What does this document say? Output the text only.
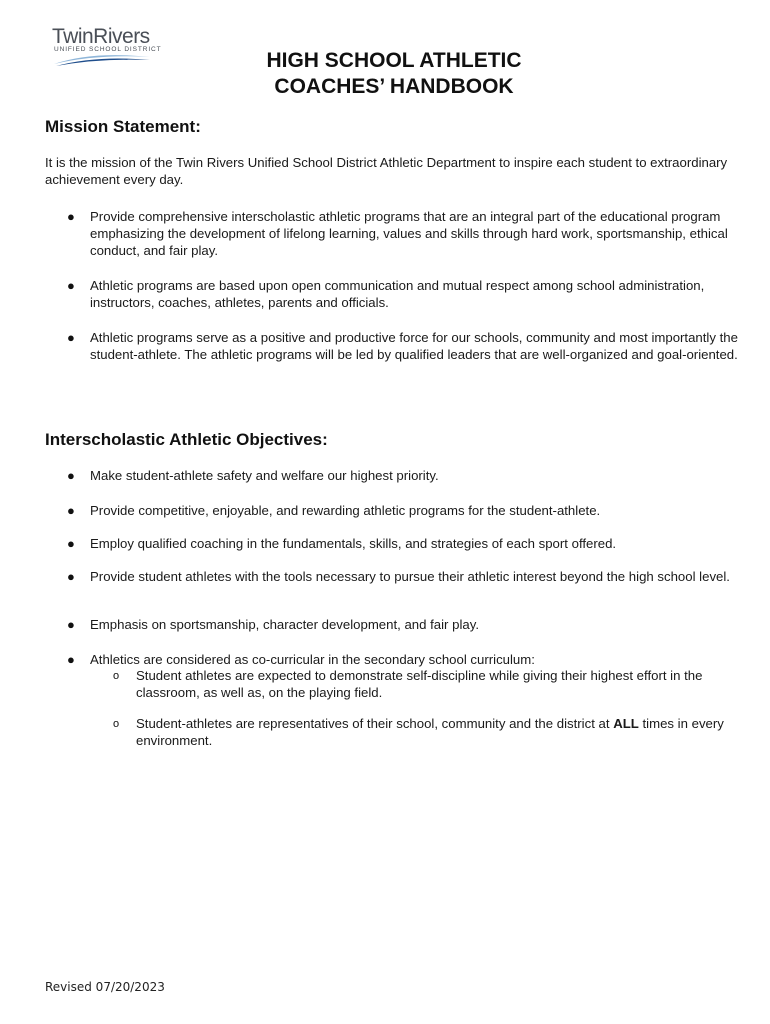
TwinRivers
UNIFIED SCHOOL DISTRICT	HIGH SCHOOL ATHLETIC
COACHES’ HANDBOOK
Mission Statement:
It is the mission of the Twin Rivers Unified School District Athletic Department to inspire each student to extraordinary achievement every day.
● Provide comprehensive interscholastic athletic programs that are an integral part of the educational program emphasizing the development of lifelong learning, values and skills through hard work, sportsmanship, ethical conduct, and fair play.
● Athletic programs are based upon open communication and mutual respect among school administration, instructors, coaches, athletes, parents and officials.
● Athletic programs serve as a positive and productive force for our schools, community and most importantly the student-athlete. The athletic programs will be led by qualified leaders that are well-organized and goal-oriented.
Interscholastic Athletic Objectives:
● Make student-athlete safety and welfare our highest priority.
● Provide competitive, enjoyable, and rewarding athletic programs for the student-athlete.
● Employ qualified coaching in the fundamentals, skills, and strategies of each sport offered.
● Provide student athletes with the tools necessary to pursue their athletic interest beyond the high school level.
● Emphasis on sportsmanship, character development, and fair play.
● Athletics are considered as co-curricular in the secondary school curriculum:
o Student athletes are expected to demonstrate self-discipline while giving their highest effort in the classroom, as well as, on the playing field.
o Student-athletes are representatives of their school, community and the district at ALL times in every environment.
Revised 07/20/2023
